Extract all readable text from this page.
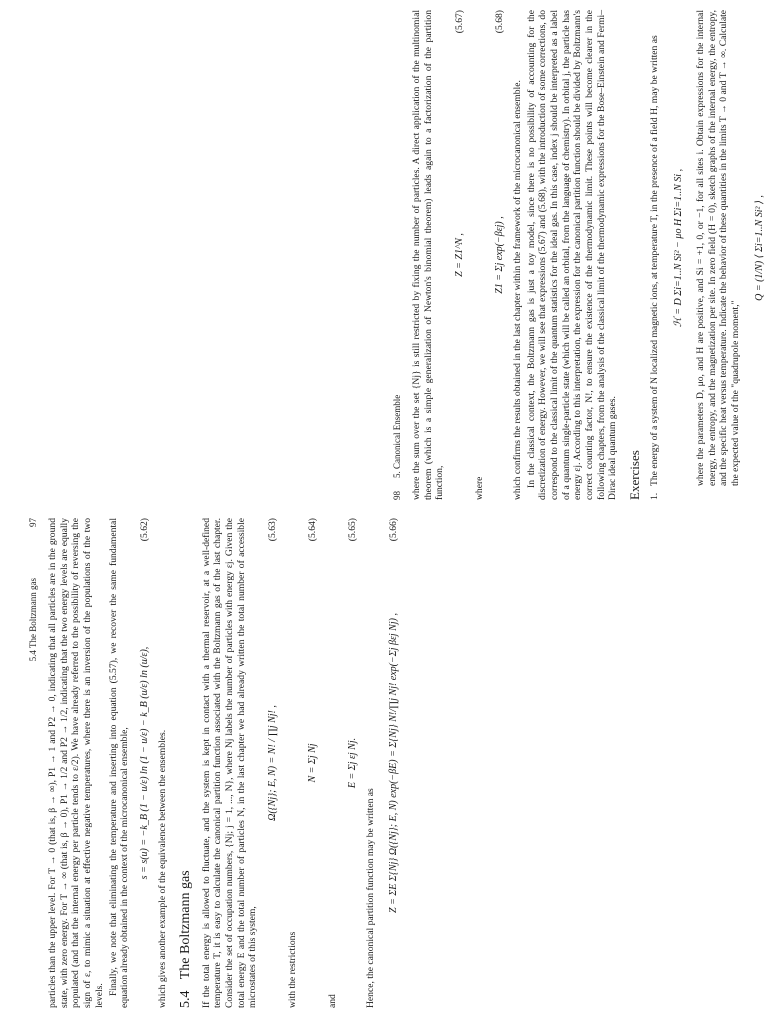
5.4 The Boltzmann gas
97 particles than the upper level. For T → 0 (that is, β → ∞), P1 → 1 and P2 → 0, indicating that all particles are in the ground state, with zero energy. For T → ∞ (that is, β → 0), P1 → 1/2 and P2 → 1/2, indicating that the two energy levels are equally populated (and that the internal energy per particle tends to ε/2). We have already referred to the possibility of reversing the sign of ε, to mimic a situation at effective negative temperatures, where there is an inversion of the populations of the two levels. Finally, we note that eliminating the temperature and inserting into equation (5.57), we recover the same fundamental equation already obtained in the context of the microcanonical ensemble, s = s(u) = −k_B (1 − u/ε) ln (1 − u/ε) − k_B (u/ε) ln (u/ε),
(5.62)

which gives another example of the equivalence between the ensembles. 5.4 The Boltzmann gas If the total energy is allowed to fluctuate, and the system is kept in contact with a thermal reservoir, at a well-defined temperature T, it is easy to calculate the canonical partition function associated with the Boltzmann gas of the last chapter. Consider the set of occupation numbers, {Nj; j = 1, ..., N}, where Nj labels the number of particles with energy εj. Given the total energy E and the total number of particles N, in the last chapter we had already written the total number of accessible microstates of this system,

Ω({Nj}; E, N) = N! / ∏j Nj! ,
(5.63)

with the restrictions

N = Σj Nj
(5.64)

and

E = Σj εj Nj.
(5.65)

Hence, the canonical partition function may be written as	Z = ΣE Σ{Nj} Ω({Nj}; E, N) exp(−βE) = Σ{Nj} N!/∏j Nj! exp(−Σj βεj Nj) ,
(5.66)
98
5. Canonical Ensemble where the sum over the set {Nj} is still restricted by fixing the number of particles. A direct application of the multinomial theorem (which is a simple generalization of Newton's binomial theorem) leads again to a factorization of the partition function,

Z = Z1^N ,
(5.67)

where

Z1 = Σj exp(−βεj) ,
(5.68)

which confirms the results obtained in the last chapter within the framework of the microcanonical ensemble. In the classical context, the Boltzmann gas is just a toy model, since there is no possibility of accounting for the discretization of energy. However, we will see that expressions (5.67) and (5.68), with the introduction of some corrections, do correspond to the classical limit of the quantum statistics for the ideal gas. In this case, index j should be interpreted as a label of a quantum single-particle state (which will be called an orbital, from the language of chemistry). In orbital j, the particle has energy εj. According to this interpretation, the expression for the canonical partition function should be divided by Boltzmann's correct counting factor, N!, to ensure the existence of the thermodynamic limit. These points will become clearer in the following chapters, from the analysis of the classical limit of the thermodynamic expressions for the Bose–Einstein and Fermi–Dirac ideal quantum gases. Exercises 1.

The energy of a system of N localized magnetic ions, at temperature T, in the presence of a field H, may be written as	ℋ = D Σi=1..N Si² − μo H Σi=1..N Si ,	where the parameters D, μo, and H are positive, and Si = +1, 0, or −1, for all sites i. Obtain expressions for the internal energy, the entropy, and the magnetization per site. In zero field (H = 0), sketch graphs of the internal energy, the entropy, and the specific heat versus temperature. Indicate the behavior of these quantities in the limits T → 0 and T → ∞. Calculate the expected value of the "quadrupole moment,"

Q = (1/N) ⟨ Σi=1..N Si² ⟩ ,
